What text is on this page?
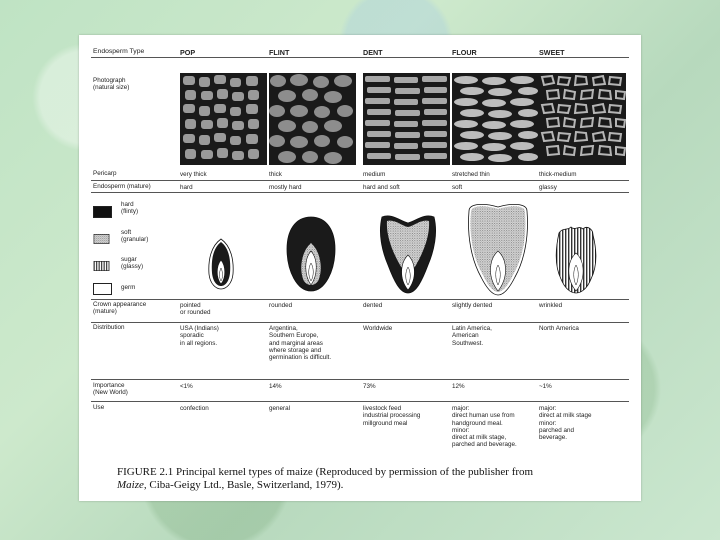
Endosperm Type
Photograph
(natural size)
Pericarp
Endosperm (mature)
Crown appearance
(mature)
Distribution
Importance
(New World)
Use
POP
very thick
hard
pointed
or rounded
USA (Indians)
sporadic
in all regions.
<1%
confection
FLINT
thick
mostly hard
rounded
Argentina,
Southern Europe,
and marginal areas
where storage and
germination is difficult.
14%
general
DENT
medium
hard and soft
dented
Worldwide
73%
livestock feed
industrial processing
millground meal
FLOUR
stretched thin
soft
slightly dented
Latin America,
American
Southwest.
12%
major:
direct human use from
handground meal.
minor:
direct at milk stage,
parched and beverage.
SWEET
thick-medium
glassy
wrinkled
North America
~1%
major:
direct at milk stage
minor:
parched and
beverage.
hard
(flinty)
soft
(granular)
sugar
(glassy)
germ
FIGURE 2.1 Principal kernel types of maize (Reproduced by permission of the publisher from
Maize, Ciba-Geigy Ltd., Basle, Switzerland, 1979).
